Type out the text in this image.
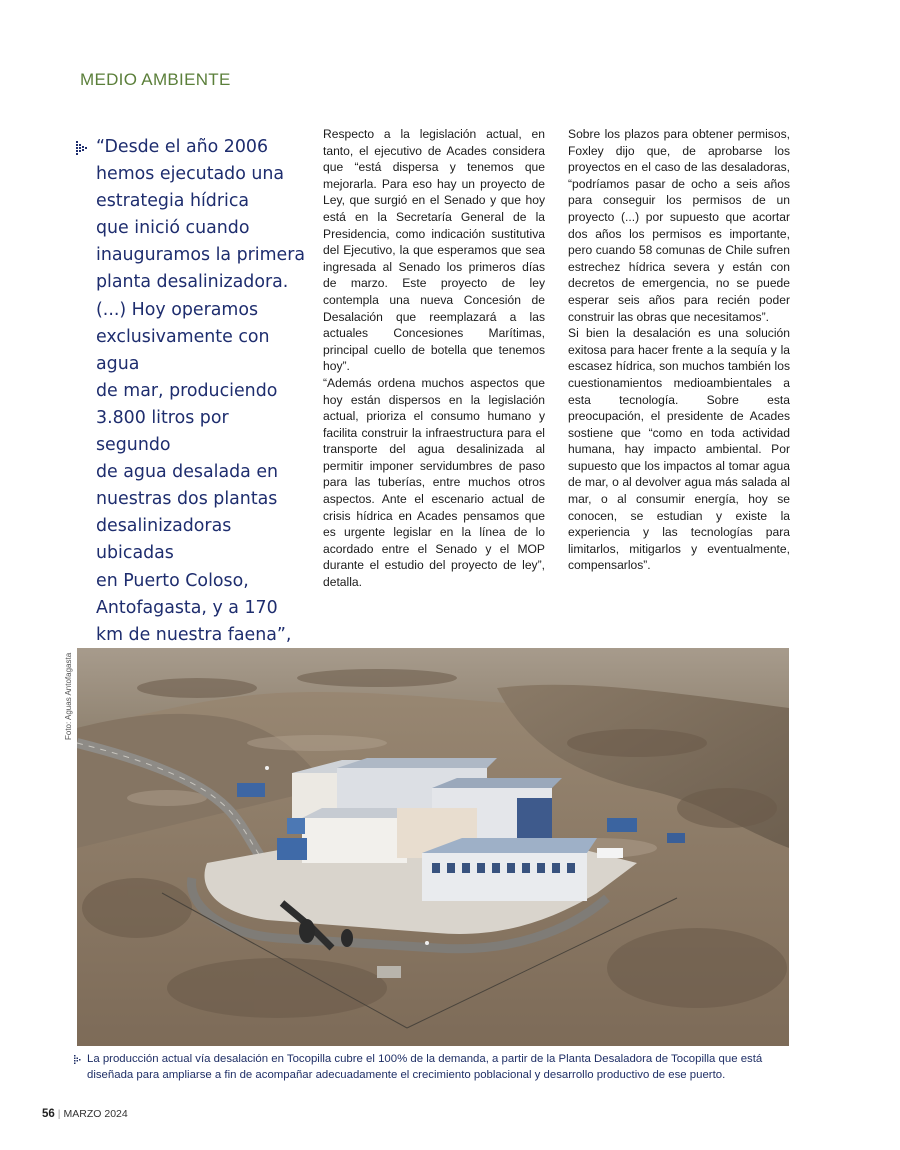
MEDIO AMBIENTE
“Desde el año 2006
hemos ejecutado una
estrategia hídrica
que inició cuando
inauguramos la primera
planta desalinizadora.
(...) Hoy operamos
exclusivamente con agua
de mar, produciendo
3.800 litros por segundo
de agua desalada en
nuestras dos plantas
desalinizadoras ubicadas
en Puerto Coloso,
Antofagasta, y a 170
km de nuestra faena”,

Respecto a la legislación actual, en tanto, el ejecutivo de Acades considera que “está dispersa y tenemos que mejorarla. Para eso hay un proyecto de Ley, que surgió en el Senado y que hoy está en la Secretaría General de la Presidencia, como indicación sustitutiva del Ejecutivo, la que esperamos que sea ingresada al Senado los primeros días de marzo. Este proyecto de ley contempla una nueva Concesión de Desalación que reemplazará a las actuales Concesiones Marítimas, principal cuello de botella que tenemos hoy”.

“Además ordena muchos aspectos que hoy están dispersos en la legislación actual, prioriza el consumo humano y facilita construir la infraestructura para el transporte del agua desalinizada al permitir imponer servidumbres de paso para las tuberías, entre muchos otros aspectos. Ante el escenario actual de crisis hídrica en Acades pensamos que es urgente legislar en la línea de lo acordado entre el Senado y el MOP durante el estudio del proyecto de ley”, detalla.

Sobre los plazos para obtener permisos, Foxley dijo que, de aprobarse los proyectos en el caso de las desaladoras, “podríamos pasar de ocho a seis años para conseguir los permisos de un proyecto (...) por supuesto que acortar dos años los permisos es importante, pero cuando 58 comunas de Chile sufren estrechez hídrica severa y están con decretos de emergencia, no se puede esperar seis años para recién poder construir las obras que necesitamos”.

Si bien la desalación es una solución exitosa para hacer frente a la sequía y la escasez hídrica, son muchos también los cuestionamientos medioambientales a esta tecnología. Sobre esta preocupación, el presidente de Acades sostiene que “como en toda actividad humana, hay impacto ambiental. Por supuesto que los impactos al tomar agua de mar, o al devolver agua más salada al mar, o al consumir energía, hoy se conocen, se estudian y existe la experiencia y las tecnologías para limitarlos, mitigarlos y eventualmente, compensarlos”.

Foto: Aguas Antofagasta
La producción actual vía desalación en Tocopilla cubre el 100% de la demanda, a partir de la Planta Desaladora de Tocopilla que está diseñada para ampliarse a fin de acompañar adecuadamente el crecimiento poblacional y desarrollo productivo de ese puerto.
56 | MARZO 2024
